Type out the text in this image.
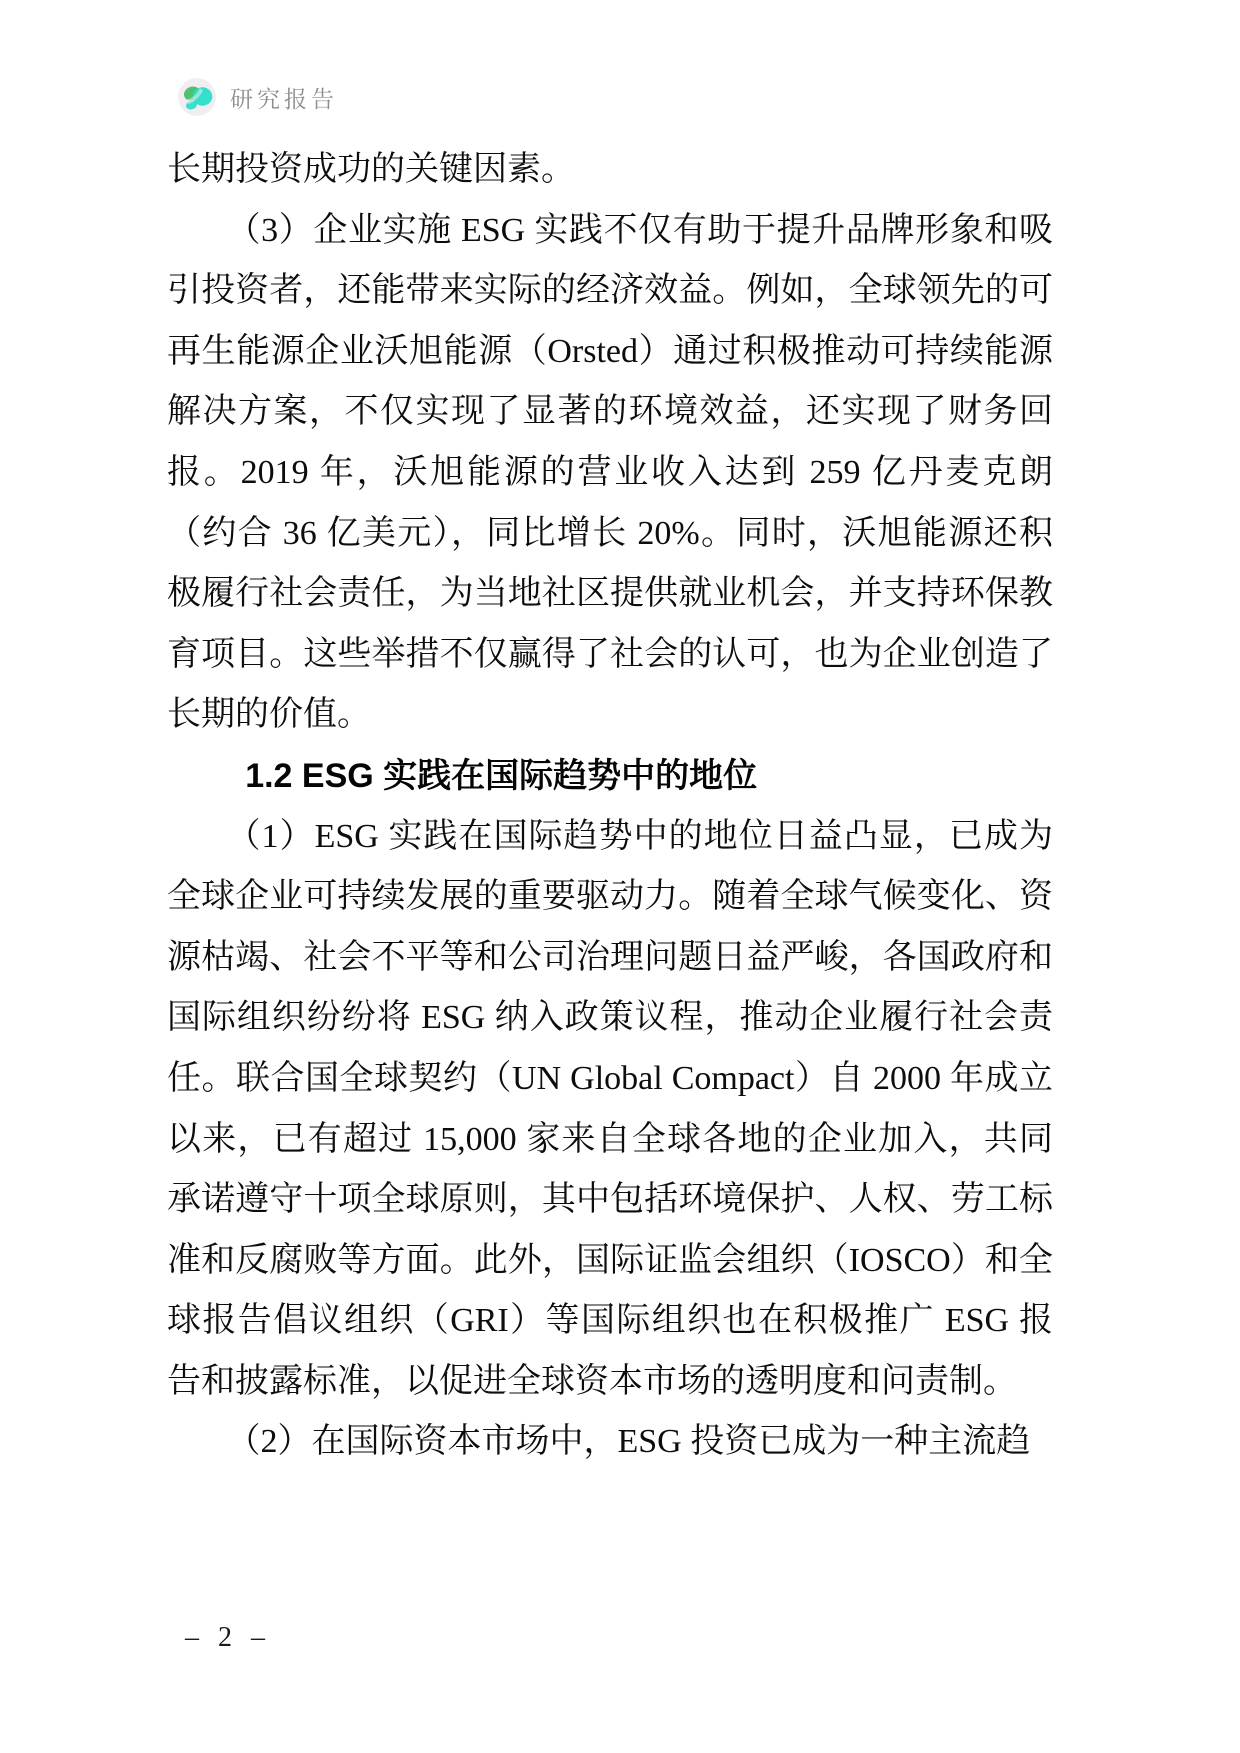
研究报告

长期投资成功的关键因素。

（3）企业实施 ESG 实践不仅有助于提升品牌形象和吸引投资者，还能带来实际的经济效益。例如，全球领先的可再生能源企业沃旭能源（Orsted）通过积极推动可持续能源解决方案，不仅实现了显著的环境效益，还实现了财务回报。2019 年，沃旭能源的营业收入达到 259 亿丹麦克朗（约合 36 亿美元），同比增长 20%。同时，沃旭能源还积极履行社会责任，为当地社区提供就业机会，并支持环保教育项目。这些举措不仅赢得了社会的认可，也为企业创造了长期的价值。

1.2 ESG 实践在国际趋势中的地位

（1）ESG 实践在国际趋势中的地位日益凸显，已成为全球企业可持续发展的重要驱动力。随着全球气候变化、资源枯竭、社会不平等和公司治理问题日益严峻，各国政府和国际组织纷纷将 ESG 纳入政策议程，推动企业履行社会责任。联合国全球契约（UN Global Compact）自 2000 年成立以来，已有超过 15,000 家来自全球各地的企业加入，共同承诺遵守十项全球原则，其中包括环境保护、人权、劳工标准和反腐败等方面。此外，国际证监会组织（IOSCO）和全球报告倡议组织（GRI）等国际组织也在积极推广 ESG 报告和披露标准，以促进全球资本市场的透明度和问责制。

（2）在国际资本市场中，ESG 投资已成为一种主流趋

– 2 –
